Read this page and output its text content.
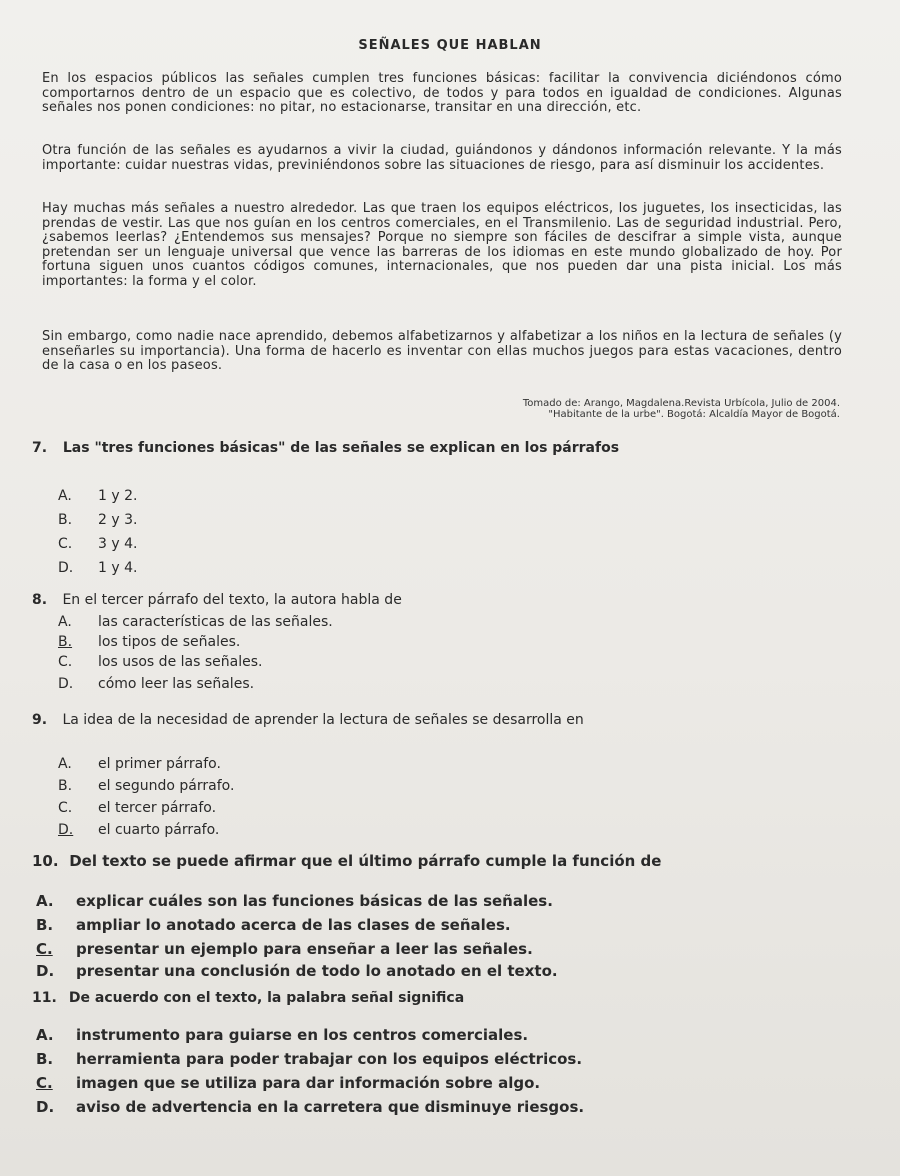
SEÑALES QUE HABLAN

En los espacios públicos las señales cumplen tres funciones básicas: facilitar la convivencia diciéndonos cómo comportarnos dentro de un espacio que es colectivo, de todos y para todos en igualdad de condiciones. Algunas señales nos ponen condiciones: no pitar, no estacionarse, transitar en una dirección, etc.

Otra función de las señales es ayudarnos a vivir la ciudad, guiándonos y dándonos información relevante. Y la más importante: cuidar nuestras vidas, previniéndonos sobre las situaciones de riesgo, para así disminuir los accidentes.

Hay muchas más señales a nuestro alrededor. Las que traen los equipos eléctricos, los juguetes, los insecticidas, las prendas de vestir. Las que nos guían en los centros comerciales, en el Transmilenio. Las de seguridad industrial. Pero, ¿sabemos leerlas? ¿Entendemos sus mensajes? Porque no siempre son fáciles de descifrar a simple vista, aunque pretendan ser un lenguaje universal que vence las barreras de los idiomas en este mundo globalizado de hoy. Por fortuna siguen unos cuantos códigos comunes, internacionales, que nos pueden dar una pista inicial. Los más importantes: la forma y el color.

Sin embargo, como nadie nace aprendido, debemos alfabetizarnos y alfabetizar a los niños en la lectura de señales (y enseñarles su importancia). Una forma de hacerlo es inventar con ellas muchos juegos para estas vacaciones, dentro de la casa o en los paseos.

Tomado de: Arango, Magdalena.Revista Urbícola, Julio de 2004.
"Habitante de la urbe". Bogotá: Alcaldía Mayor de Bogotá.

7. Las "tres funciones básicas" de las señales se explican en los párrafos

A. 1 y 2.

B. 2 y 3.

C. 3 y 4.

D. 1 y 4.

8. En el tercer párrafo del texto, la autora habla de

A. las características de las señales.

B. los tipos de señales.

C. los usos de las señales.

D. cómo leer las señales.

9. La idea de la necesidad de aprender la lectura de señales se desarrolla en

A. el primer párrafo.

B. el segundo párrafo.

C. el tercer párrafo.

D. el cuarto párrafo.

10. Del texto se puede afirmar que el último párrafo cumple la función de

A. explicar cuáles son las funciones básicas de las señales.

B. ampliar lo anotado acerca de las clases de señales.

C. presentar un ejemplo para enseñar a leer las señales.

D. presentar una conclusión de todo lo anotado en el texto.

11. De acuerdo con el texto, la palabra señal significa

A. instrumento para guiarse en los centros comerciales.

B. herramienta para poder trabajar con los equipos eléctricos.

C. imagen que se utiliza para dar información sobre algo.

D. aviso de advertencia en la carretera que disminuye riesgos.
